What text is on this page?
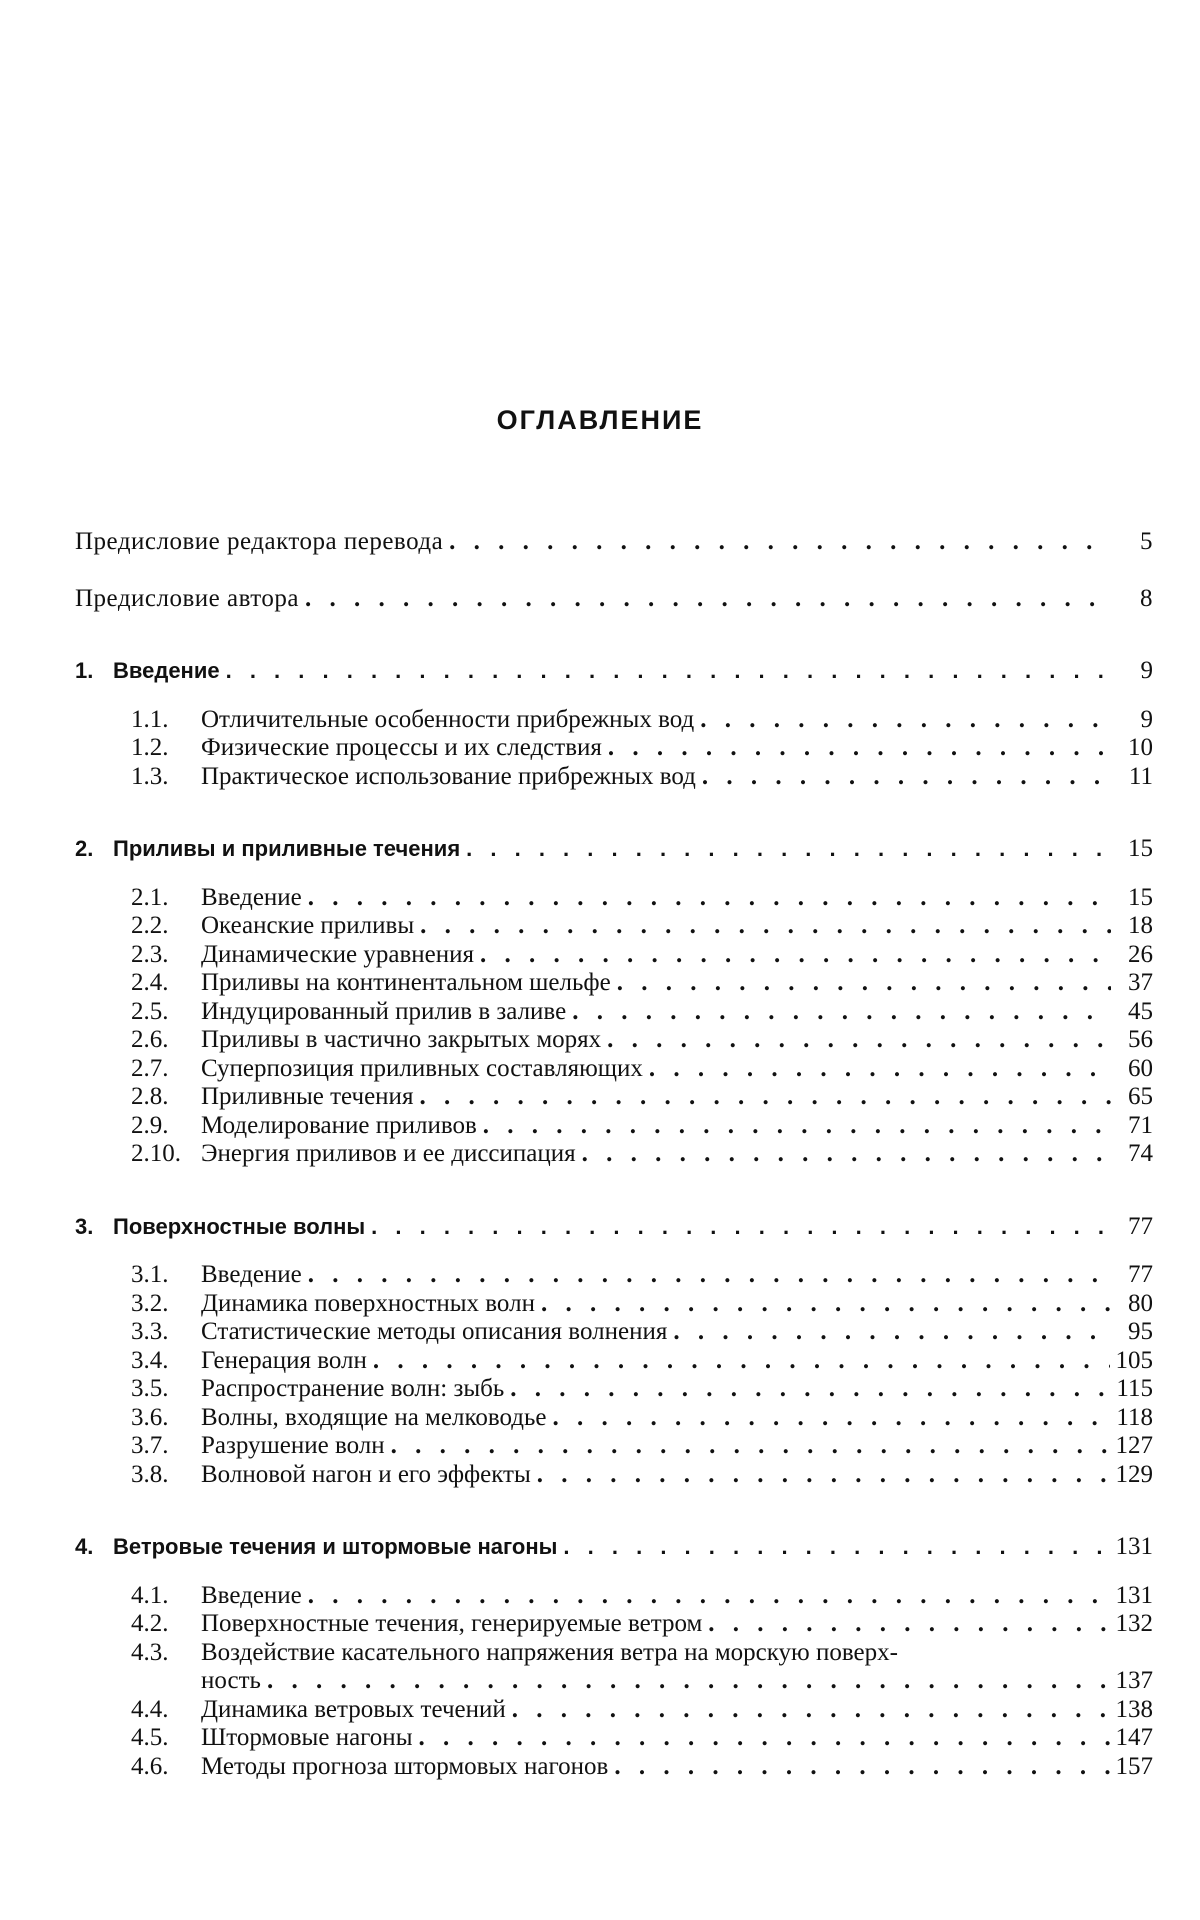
ОГЛАВЛЕНИЕ
Предисловие редактора перевода . . .	5
Предисловие автора . . .	8
1. Введение . . .	9
1.1.	Отличительные особенности прибрежных вод . . .	9
1.2.	Физические процессы и их следствия . . .	10
1.3.	Практическое использование прибрежных вод . . .	11
2. Приливы и приливные течения . . .	15
2.1.	Введение . . .	15
2.2.	Океанские приливы . . .	18
2.3.	Динамические уравнения . . .	26
2.4.	Приливы на континентальном шельфе . . .	37
2.5.	Индуцированный прилив в заливе . . .	45
2.6.	Приливы в частично закрытых морях . . .	56
2.7.	Суперпозиция приливных составляющих . . .	60
2.8.	Приливные течения . . .	65
2.9.	Моделирование приливов . . .	71
2.10. Энергия приливов и ее диссипация . . .	74
3. Поверхностные волны . . .	77
3.1.	Введение . . .	77
3.2.	Динамика поверхностных волн . . .	80
3.3.	Статистические методы описания волнения . . .	95
3.4.	Генерация волн . . .	105
3.5.	Распространение волн: зыбь . . .	115
3.6.	Волны, входящие на мелководье . . .	118
3.7.	Разрушение волн . . .	127
3.8.	Волновой нагон и его эффекты . . .	129
4. Ветровые течения и штормовые нагоны . . .	131
4.1.	Введение . . .	131
4.2.	Поверхностные течения, генерируемые ветром . . .	132
4.3.	Воздействие касательного напряжения ветра на морскую поверх-
ность . . .	137
4.4.	Динамика ветровых течений . . .	138
4.5.	Штормовые нагоны . . .	147
4.6.	Методы прогноза штормовых нагонов . . .	157
